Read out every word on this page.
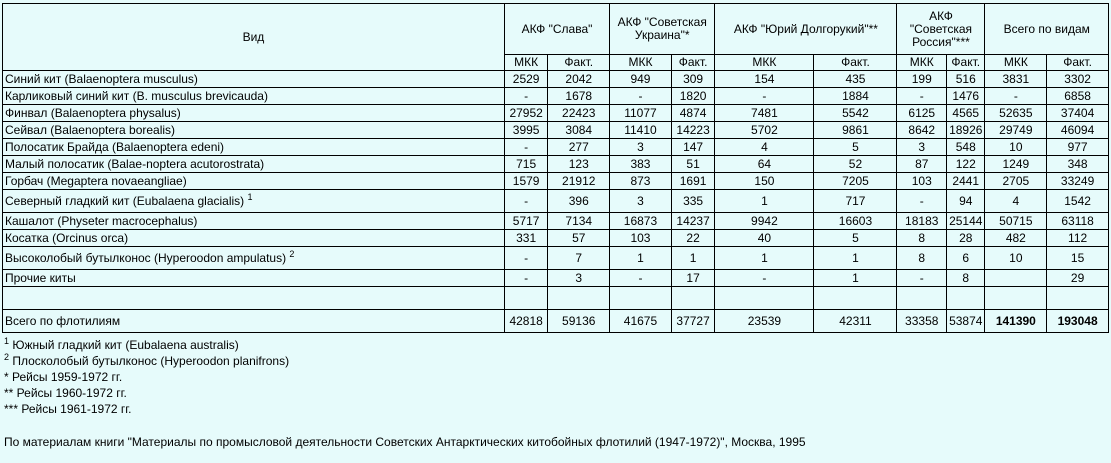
Вид	АКФ "Слава"		АКФ "Советская Украина"*		АКФ "Юрий Долгорукий"**		АКФ "Советская Россия"***		Всего по видам	
	МКК	Факт.	МКК	Факт.	МКК	Факт.	МКК	Факт.	МКК	Факт.
Синий кит (Balaenoptera musculus)	2529	2042	949	309	154	435	199	516	3831	3302
Карликовый синий кит (B. musculus brevicauda)	-	1678	-	1820	-	1884	-	1476	-	6858
Финвал (Balaenoptera physalus)	27952	22423	11077	4874	7481	5542	6125	4565	52635	37404
Сейвал (Balaenoptera borealis)	3995	3084	11410	14223	5702	9861	8642	18926	29749	46094
Полосатик Брайда (Balaenoptera edeni)	-	277	3	147	4	5	3	548	10	977
Малый полосатик (Balae-noptera acutorostrata)	715	123	383	51	64	52	87	122	1249	348
Горбач (Megaptera novaeangliae)	1579	21912	873	1691	150	7205	103	2441	2705	33249
Северный гладкий кит (Eubalaena glacialis) $^1$	-	396	3	335	1	717	-	94	4	1542
Кашалот (Physeter macrocephalus)	5717	7134	16873	14237	9942	16603	18183	25144	50715	63118
Косатка (Orcinus orca)	331	57	103	22	40	5	8	28	482	112
Высоколобый бутылконос (Hyperoodon ampulatus) $^2$	-	7	1	1	1	1	8	6	10	15
Прочие киты	-	3	-	17	-	1	-	8		29

Всего по флотилиям	42818	59136	41675	37727	23539	42311	33358	53874	141390	193048
$^1$ Южный гладкий кит (Eubalaena australis)
$^2$ Плосколобый бутылконос (Hyperoodon planifrons)
* Рейсы 1959-1972 гг.
** Рейсы 1960-1972 гг.
*** Рейсы 1961-1972 гг.
По материалам книги "Материалы по промысловой деятельности Советских Антарктических китобойных флотилий (1947-1972)", Москва, 1995
